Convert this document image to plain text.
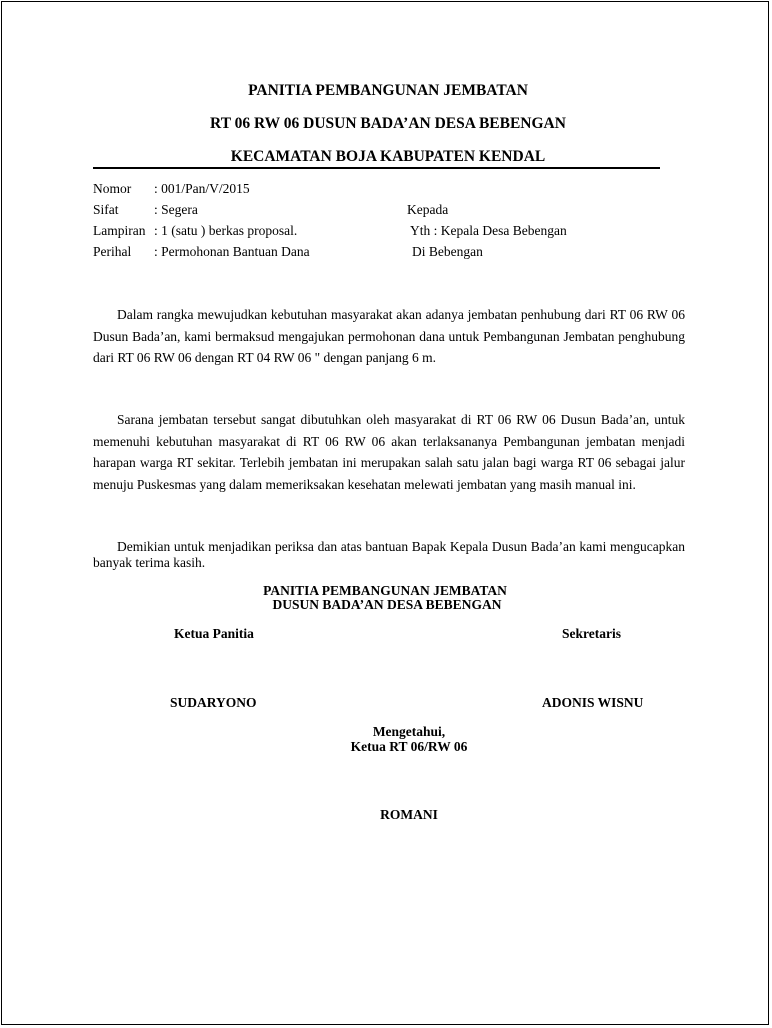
PANITIA PEMBANGUNAN JEMBATAN
RT 06 RW 06 DUSUN BADA’AN DESA BEBENGAN
KECAMATAN BOJA KABUPATEN KENDAL
Nomor : 001/Pan/V/2015
Sifat	: Segera	Kepada
Lampiran : 1 (satu ) berkas proposal.	Yth : Kepala Desa Bebengan
Perihal : Permohonan Bantuan Dana	Di Bebengan
Dalam rangka mewujudkan kebutuhan masyarakat akan adanya jembatan penhubung dari RT 06 RW 06 Dusun Bada’an, kami bermaksud mengajukan permohonan dana untuk Pembangunan Jembatan penghubung dari RT 06 RW 06 dengan RT 04 RW 06 " dengan panjang 6 m.
Sarana jembatan tersebut sangat dibutuhkan oleh masyarakat di RT 06 RW 06 Dusun Bada’an, untuk memenuhi kebutuhan masyarakat di RT 06 RW 06 akan terlaksananya Pembangunan jembatan menjadi harapan warga RT sekitar. Terlebih jembatan ini merupakan salah satu jalan bagi warga RT 06 sebagai jalur menuju Puskesmas yang dalam memeriksakan kesehatan melewati jembatan yang masih manual ini.
Demikian untuk menjadikan periksa dan atas bantuan Bapak Kepala Dusun Bada’an kami mengucapkan banyak terima kasih.
PANITIA PEMBANGUNAN JEMBATAN
DUSUN BADA’AN DESA BEBENGAN
Ketua Panitia	Sekretaris
SUDARYONO	ADONIS WISNU
Mengetahui,
Ketua RT 06/RW 06
ROMANI
